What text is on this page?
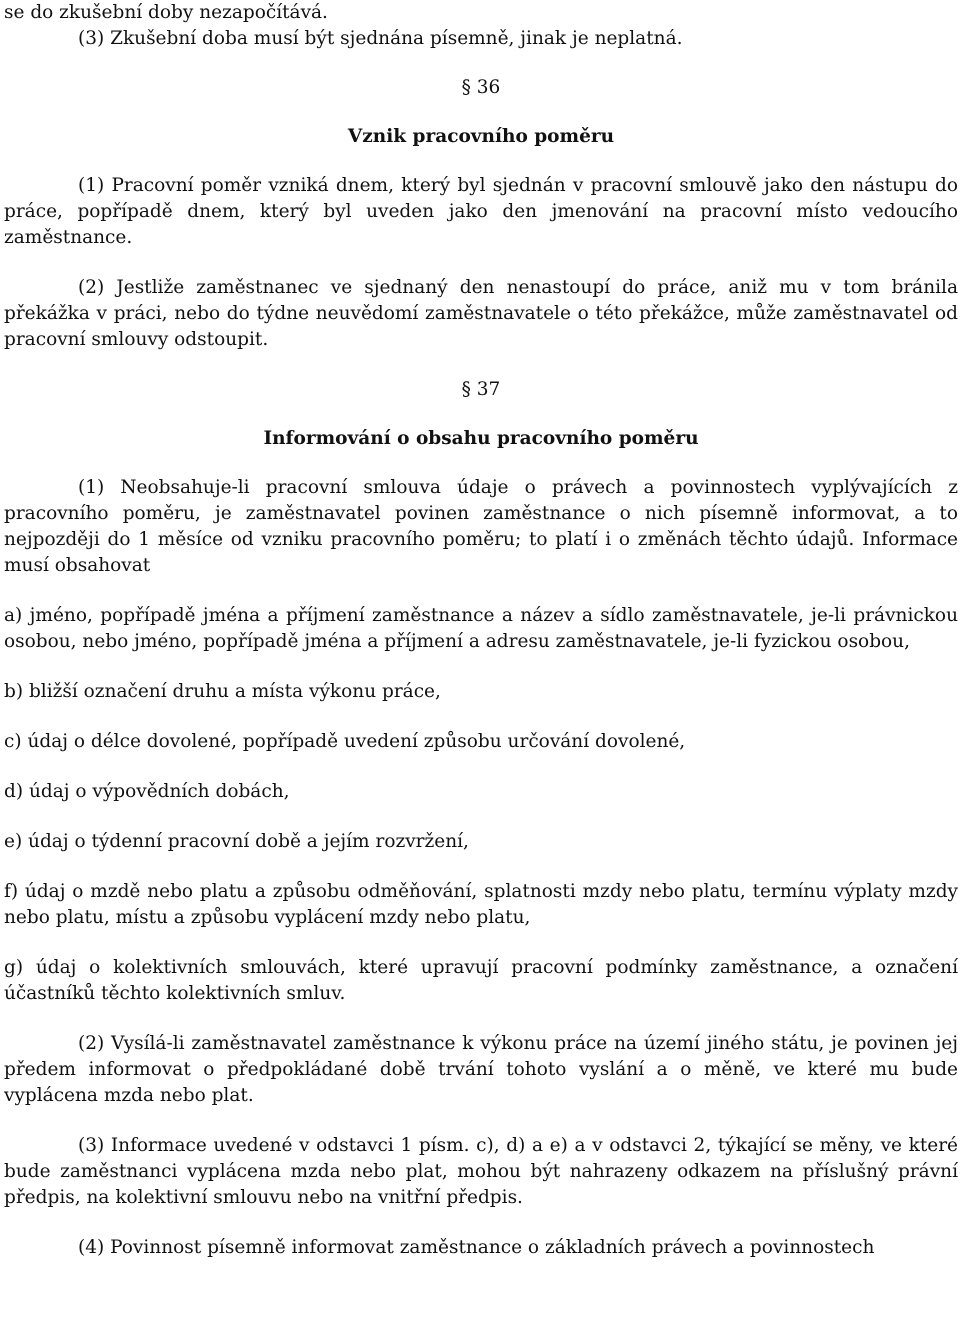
se do zkušební doby nezapočítává.

(3) Zkušební doba musí být sjednána písemně, jinak je neplatná.

§ 36

Vznik pracovního poměru

(1) Pracovní poměr vzniká dnem, který byl sjednán v pracovní smlouvě jako den nástupu do práce, popřípadě dnem, který byl uveden jako den jmenování na pracovní místo vedoucího zaměstnance.

(2) Jestliže zaměstnanec ve sjednaný den nenastoupí do práce, aniž mu v tom bránila překážka v práci, nebo do týdne neuvědomí zaměstnavatele o této překážce, může zaměstnavatel od pracovní smlouvy odstoupit.

§ 37

Informování o obsahu pracovního poměru

(1) Neobsahuje-li pracovní smlouva údaje o právech a povinnostech vyplývajících z pracovního poměru, je zaměstnavatel povinen zaměstnance o nich písemně informovat, a to nejpozději do 1 měsíce od vzniku pracovního poměru; to platí i o změnách těchto údajů. Informace musí obsahovat

a) jméno, popřípadě jména a příjmení zaměstnance a název a sídlo zaměstnavatele, je-li právnickou osobou, nebo jméno, popřípadě jména a příjmení a adresu zaměstnavatele, je-li fyzickou osobou,

b) bližší označení druhu a místa výkonu práce,

c) údaj o délce dovolené, popřípadě uvedení způsobu určování dovolené,

d) údaj o výpovědních dobách,

e) údaj o týdenní pracovní době a jejím rozvržení,

f) údaj o mzdě nebo platu a způsobu odměňování, splatnosti mzdy nebo platu, termínu výplaty mzdy nebo platu, místu a způsobu vyplácení mzdy nebo platu,

g) údaj o kolektivních smlouvách, které upravují pracovní podmínky zaměstnance, a označení účastníků těchto kolektivních smluv.

(2) Vysílá-li zaměstnavatel zaměstnance k výkonu práce na území jiného státu, je povinen jej předem informovat o předpokládané době trvání tohoto vyslání a o měně, ve které mu bude vyplácena mzda nebo plat.

(3) Informace uvedené v odstavci 1 písm. c), d) a e) a v odstavci 2, týkající se měny, ve které bude zaměstnanci vyplácena mzda nebo plat, mohou být nahrazeny odkazem na příslušný právní předpis, na kolektivní smlouvu nebo na vnitřní předpis.

(4) Povinnost písemně informovat zaměstnance o základních právech a povinnostech
